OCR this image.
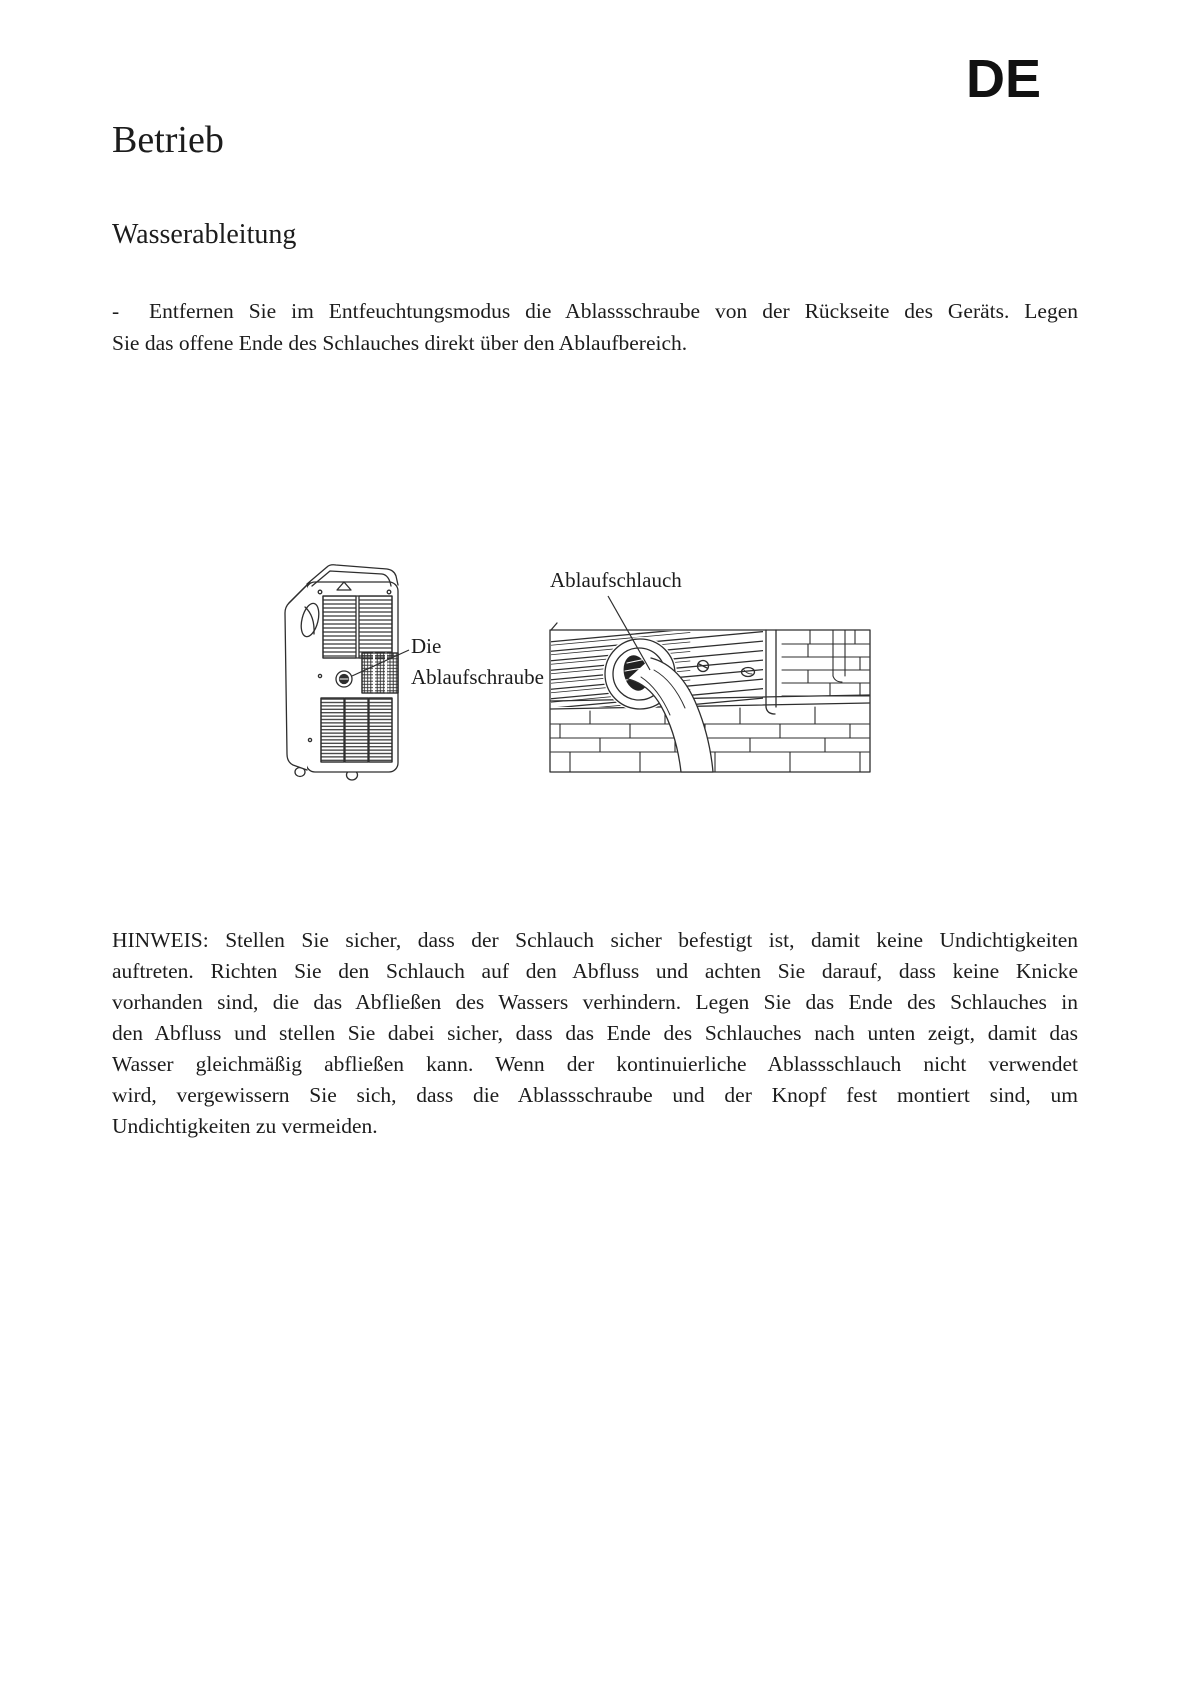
DE
Betrieb
Wasserableitung
-  Entfernen Sie im Entfeuchtungsmodus die Ablassschraube von der Rückseite des Geräts. Legen
Sie das offene Ende des Schlauches direkt über den Ablaufbereich.
Ablaufschlauch
Die
Ablaufschraube
HINWEIS: Stellen Sie sicher, dass der Schlauch sicher befestigt ist, damit keine Undichtigkeiten
auftreten. Richten Sie den Schlauch auf den Abfluss und achten Sie darauf, dass keine Knicke
vorhanden sind, die das Abfließen des Wassers verhindern. Legen Sie das Ende des Schlauches in
den Abfluss und stellen Sie dabei sicher, dass das Ende des Schlauches nach unten zeigt, damit das
Wasser gleichmäßig abfließen kann. Wenn der kontinuierliche Ablassschlauch nicht verwendet
wird, vergewissern Sie sich, dass die Ablassschraube und der Knopf fest montiert sind, um
Undichtigkeiten zu vermeiden.
